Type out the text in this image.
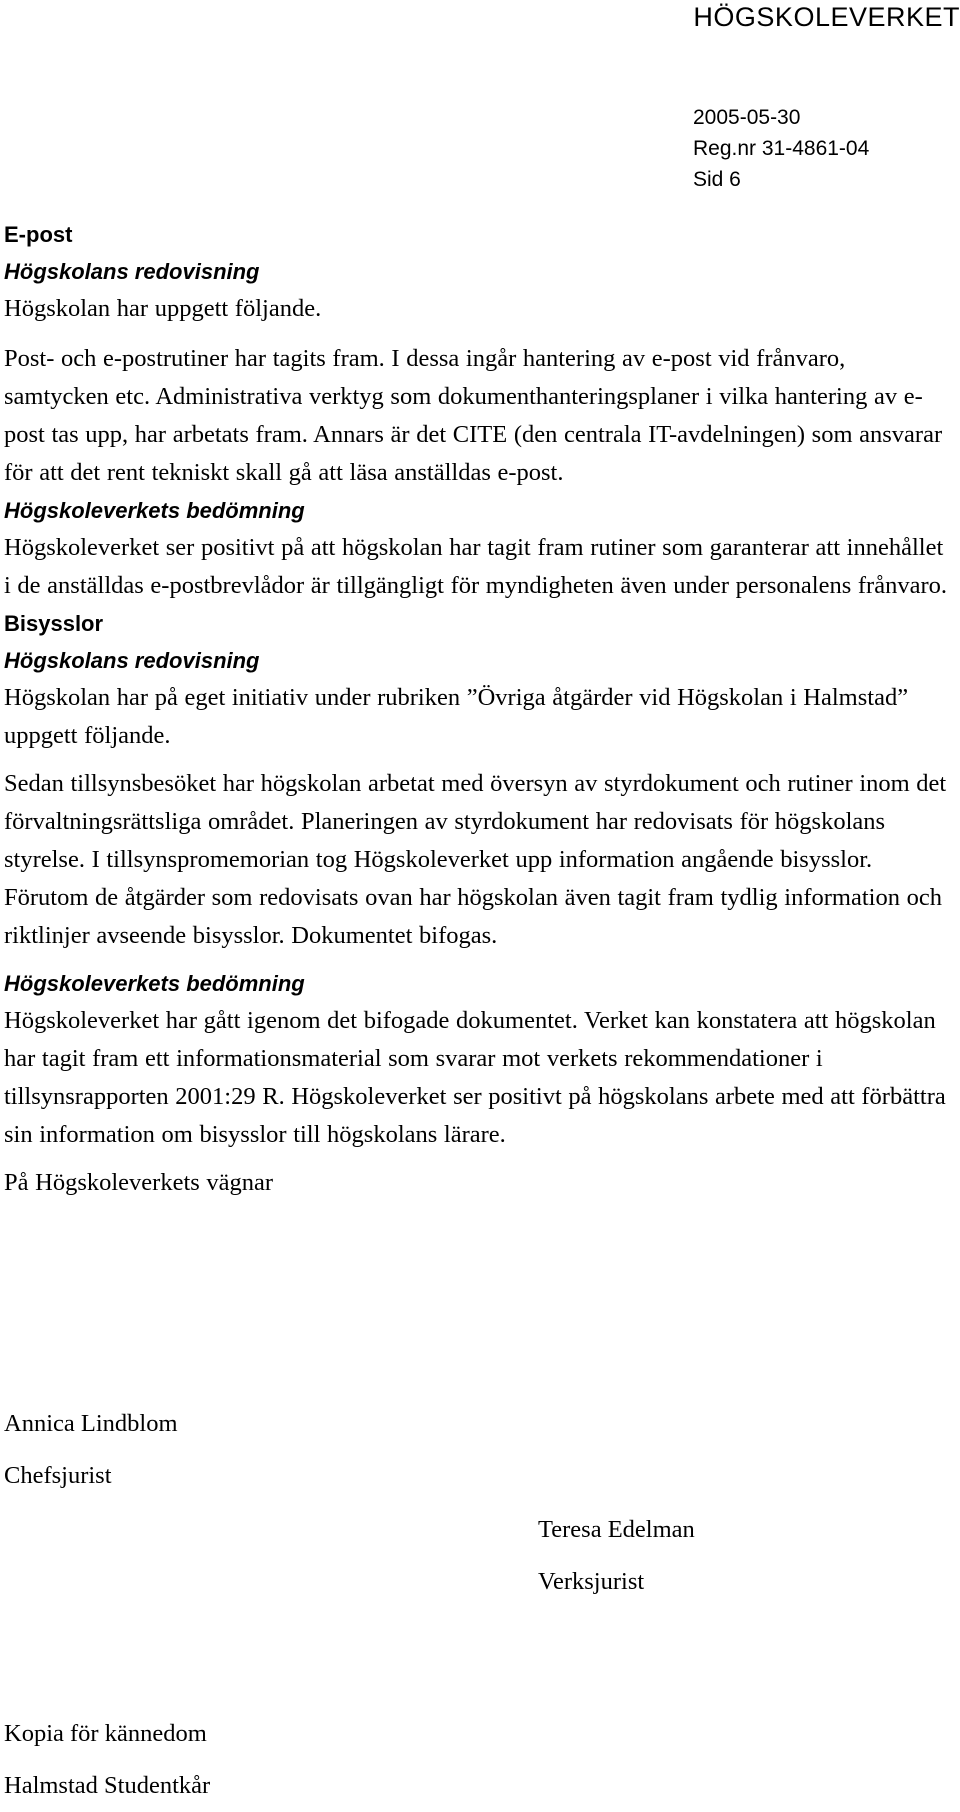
HÖGSKOLEVERKET
2005-05-30
Reg.nr 31-4861-04
Sid 6

E-post

Högskolans redovisning

Högskolan har uppgett följande.

Post- och e-postrutiner har tagits fram. I dessa ingår hantering av e-post vid frånvaro, samtycken etc. Administrativa verktyg som dokumenthanteringsplaner i vilka hantering av e-post tas upp, har arbetats fram. Annars är det CITE (den centrala IT-avdelningen) som ansvarar för att det rent tekniskt skall gå att läsa anställdas e-post.

Högskoleverkets bedömning

Högskoleverket ser positivt på att högskolan har tagit fram rutiner som garanterar att innehållet i de anställdas e-postbrevlådor är tillgängligt för myndigheten även under personalens frånvaro.

Bisysslor

Högskolans redovisning

Högskolan har på eget initiativ under rubriken ”Övriga åtgärder vid Högskolan i Halmstad” uppgett följande.

Sedan tillsynsbesöket har högskolan arbetat med översyn av styrdokument och rutiner inom det förvaltningsrättsliga området. Planeringen av styrdokument har redovisats för högskolans styrelse. I tillsynspromemorian tog Högskoleverket upp information angående bisysslor. Förutom de åtgärder som redovisats ovan har högskolan även tagit fram tydlig information och riktlinjer avseende bisysslor. Dokumentet bifogas.

Högskoleverkets bedömning

Högskoleverket har gått igenom det bifogade dokumentet. Verket kan konstatera att högskolan har tagit fram ett informationsmaterial som svarar mot verkets rekommendationer i tillsynsrapporten 2001:29 R. Högskoleverket ser positivt på högskolans arbete med att förbättra sin information om bisysslor till högskolans lärare.

På Högskoleverkets vägnar

Annica Lindblom
Chefsjurist
Teresa Edelman
Verksjurist
Kopia för kännedom
Halmstad Studentkår
